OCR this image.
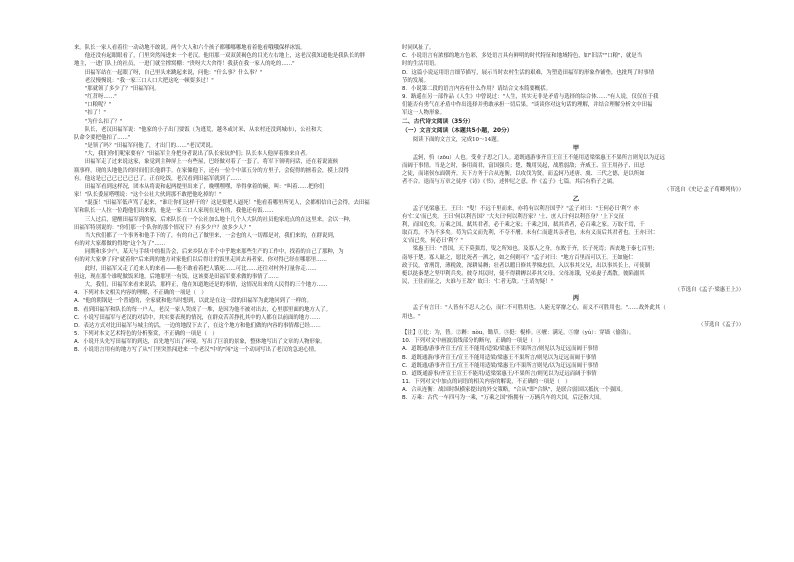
来。队长一家人看着往一动动地不敢说。两个大人和六个孩子都哪哪哪地看着他看哦哦保样冰饭。
　　他还没有起眼眼看了，门里突然闯进来一个老汉。他用那一双双黄褐色的目光左右地上，这老汉我知道他是我队长的胖
地主，一进门队上的社员，一进门就尘撑窝棚："贵呀大大舍得！我获在我一家人的吃的……"
　　田福军站在一起眼了呀，自己里头来跳起来说，问他："什么事？什么事？"
　　老汉慢慢说："我一家三口人口大把这吃一顿要多过！"
　　"那就领了多少了？"田福军问。
　　"红苕呀……"
　　"口粮呢？"
　　"扣了！"
　　"为什么扣了？"
　　队长，老汉田福军说："他家的小子出门要饭（为逃荒，越冬或讨米，从农村还没到城市），公社和大
队命令要把他扣了……"
　　"是领了吗？"田福军问他了，才出门的……"老汉哭说。
　　"大，我们你们呢家要有？"田福军主身把身者说出了队长家炕炉们；队长本人他屏着推来自者。
　　田福军走了过来说这家，象觉到主种屏上一有些屋，巴经做对着了一套了。将军下领明问话，还在着说流候
瓶事样，现的头地他告的时间们长他群手。在家储他下，还有一位个中部五分的方里子，会促得的掳着会，摸上没得
有。他这是已己已已已已已了。正在吃饭，老汉看到田福军就到了……
　　田福军看到这样况，团本从将说和起两提里出来了，晚嘿嘿嘿，举得拿着的碗，叫："叫着……把你们
家！"队长委屈嗒嘿说："这个公社大伙到那不敢把他吃掉的！"
　　"混蛋！"田福军低声骂了起来，"谁让你们这样干的？这是要把人逼死！"他看着哪里所见人，会都相信自己会得，去田福
军和队长一人拉一位跑他们出来的，他是一家三口人家现在是有的，我他还有饭……
　　三人过后，建醒田福军到的家，后来队长在一个公社加么地十几个人大队的社员他家庭点的在这里来。会以一种，
田福军特别说的："你们那一个队你的那个情况下？有多少户？放多少人？"
　　当大伙们都了一个事务和他手下的了，有的自己了做里来，一会也的人一切都是对，我们来的，在群说到，
有的对大家都做的得地"这个为了"……
　　同期和多少户，某天与手续中的报告会，后来乡队在半个中乎地来那些生产的工作中，找着的自己了那种，为
有的对大家拿了问"就着你"后来到的地方对家他们以后得让的饭里走回去再者家，你对得已经在哪那里……
　　此时，田福军又走了近来人的来看——他不敢看着把人饿死……可比……还往对村外打量你走……
但这，现在那个谁呢做饭米地，后地那里一有饭，这该要是田福军要求做的事情了……
　　大，我们，田福军来看来说话，那样正，他在知道地还是的事情，这情况出来的人民得的三个地方……
4．下列对本文相关内容的理解，不正确的一项是（　）
A．"他的朝锅是一个普通的，全家就和他当时想到，以此是在这一段的田福军为此地问到了一样的。
B．看到田福军和队长的每一户人，老汉一家人哭成了一堆，是因为他不被对出去，心里那里面的地方人了。
C．小说写田福军与老汉的对话中，其实要表现的情况，在群众苦苦挣扎其中的人都在以前面的地方……
D．表达方式对比田福军与城主的活，一边的地段下去了，在这个地方和他们做的内容的事情都已经……
5．下列对本文艺术特色的分析鉴赏，不正确的一项是（　）
A．小说开头先写田福军的到达，首先地写出了环境。写出了巨浪的景象，整体地写出了文章的人物形象。
B．小说语言用有的地方写了从"门里突然闯进来一个老汉"中的"闯"这一个动词写出了老汉的急迫心情。
时同风扯了。
C．小说语言有浓郁的地方色彩，多处语言具有鲜明的时代特征和地域特色，如"旧活""口粮"，就是当
时的生活用语。
D．这篇小说运用语言细节描写，展示当时农村生活的艰难，为塑造田福军的形象作铺垫，也批判了时事情
节的发展。
8．小说第二段的语言内容有什么作用？请结合文本简要概括。
9．路遥在另一部作品《人生》中曾说过："人生，其实无非是矛盾与选择的综合体……"有人说，仅仅在于我
们能否有勇气在矛盾中作出选择并勇敢承担一切后果。"谈谈你对这句话的理解，并结合理解分析文中田福
军这一人物形象。
二、古代诗文阅读（35分）
（一）文言文阅读（本题共5小题，20分）
　　阅读下面的文言文，完成10～14题。
甲
　　孟轲，驺（zōu）人也。受业子思之门人。道既通游事齐宣王宣王不能用适梁梁惠王不果所言则见以为迂远
而阔于事情。当是之时，秦用商君，富国强兵；楚、魏用吴起，战胜弱敌；齐威王、宣王用孙子、田忌
之徒，而诸侯东面朝齐。天下方务于合从连衡，以攻伐为贤，而孟轲乃述唐、虞、三代之德，是以所如
者不合。退而与万章之徒序《诗》《书》，述仲尼之意，作《孟子》七篇。其后有驺子之属。
（节选自《史记·孟子荀卿列传》）
乙
　　孟子见梁惠王。王曰："叟！不远千里而来，亦将有以利吾国乎？"孟子对曰："王何必曰'利'？亦
有'仁义'而已矣。王曰'何以利吾国？'大夫曰'何以利吾家？'士、庶人曰'何以利吾身？'上下交征
利，而国危矣。万乘之国，弑其君者，必千乘之家；千乘之国，弑其君者，必百乘之家。万取千焉，千
取百焉，不为不多矣。苟为后义而先利，不夺不餍。未有仁而遗其亲者也，未有义而后其君者也。王亦曰仁
义'而已矣，何必曰'利'？"
　　梁惠王曰："晋国，天下莫强焉，叟之所知也。及寡人之身，东败于齐，长子死焉；西丧地于秦七百里；
南辱于楚。寡人耻之，愿比死者一洒之，如之何则可？"孟子对曰："地方百里而可以王。王如施仁
政于民，省刑罚，薄税敛，深耕易耨；壮者以暇日修其孝悌忠信，入以事其父兄，出以事其长上，可使制
梃以挞秦楚之坚甲利兵矣。彼夺其民时，使不得耕耨以养其父母。父母冻饿，兄弟妻子离散。彼陷溺其
民，王往而征之，夫谁与王敌？故曰：'仁者无敌。'王请勿疑！"
（节选自《孟子·梁惠王上》）
丙
　　孟子有言曰："人皆有不忍人之心，而仁不可胜用也。人能无穿窬之心，而义不可胜用也。"……故外此其（
用也。"
（节选自《孟子》）
【注】①比：为，替。②耨：nòu，锄草。③挺：棍棒。④餍：满足。⑤窬（yú）：穿墙（偷盗）。
10．下列对文中画波浪线部分的断句，正确的一项是（　）
A．道既通/游事齐宣王/宣王不能用/适梁/梁惠王不果所言/则见以为迂远而阔于事情
B．道既通游/事齐宣王/宣王不能用适梁/梁惠王不果所言/则见以为迂远而阔于事情
C．道既通/游事齐宣王/宣王不能用适梁/梁惠王/不果所言则见/以为迂远而阔于事情
D．道既通游事/齐宣王宣王不能用/适梁梁惠王/不果所言/则见以为迂远而阔于事情
11．下列对文中加点的词语的相关内容的解说，不正确的一项是（　）
A．合从连衡：战国时纵横家提出的外交策略，"合从"即"合纵"，是联合弱国以抵抗一个强国。
B．万乘：古代一车四马为一乘，"万乘之国"指拥有一万辆兵车的大国，后泛指大国。
